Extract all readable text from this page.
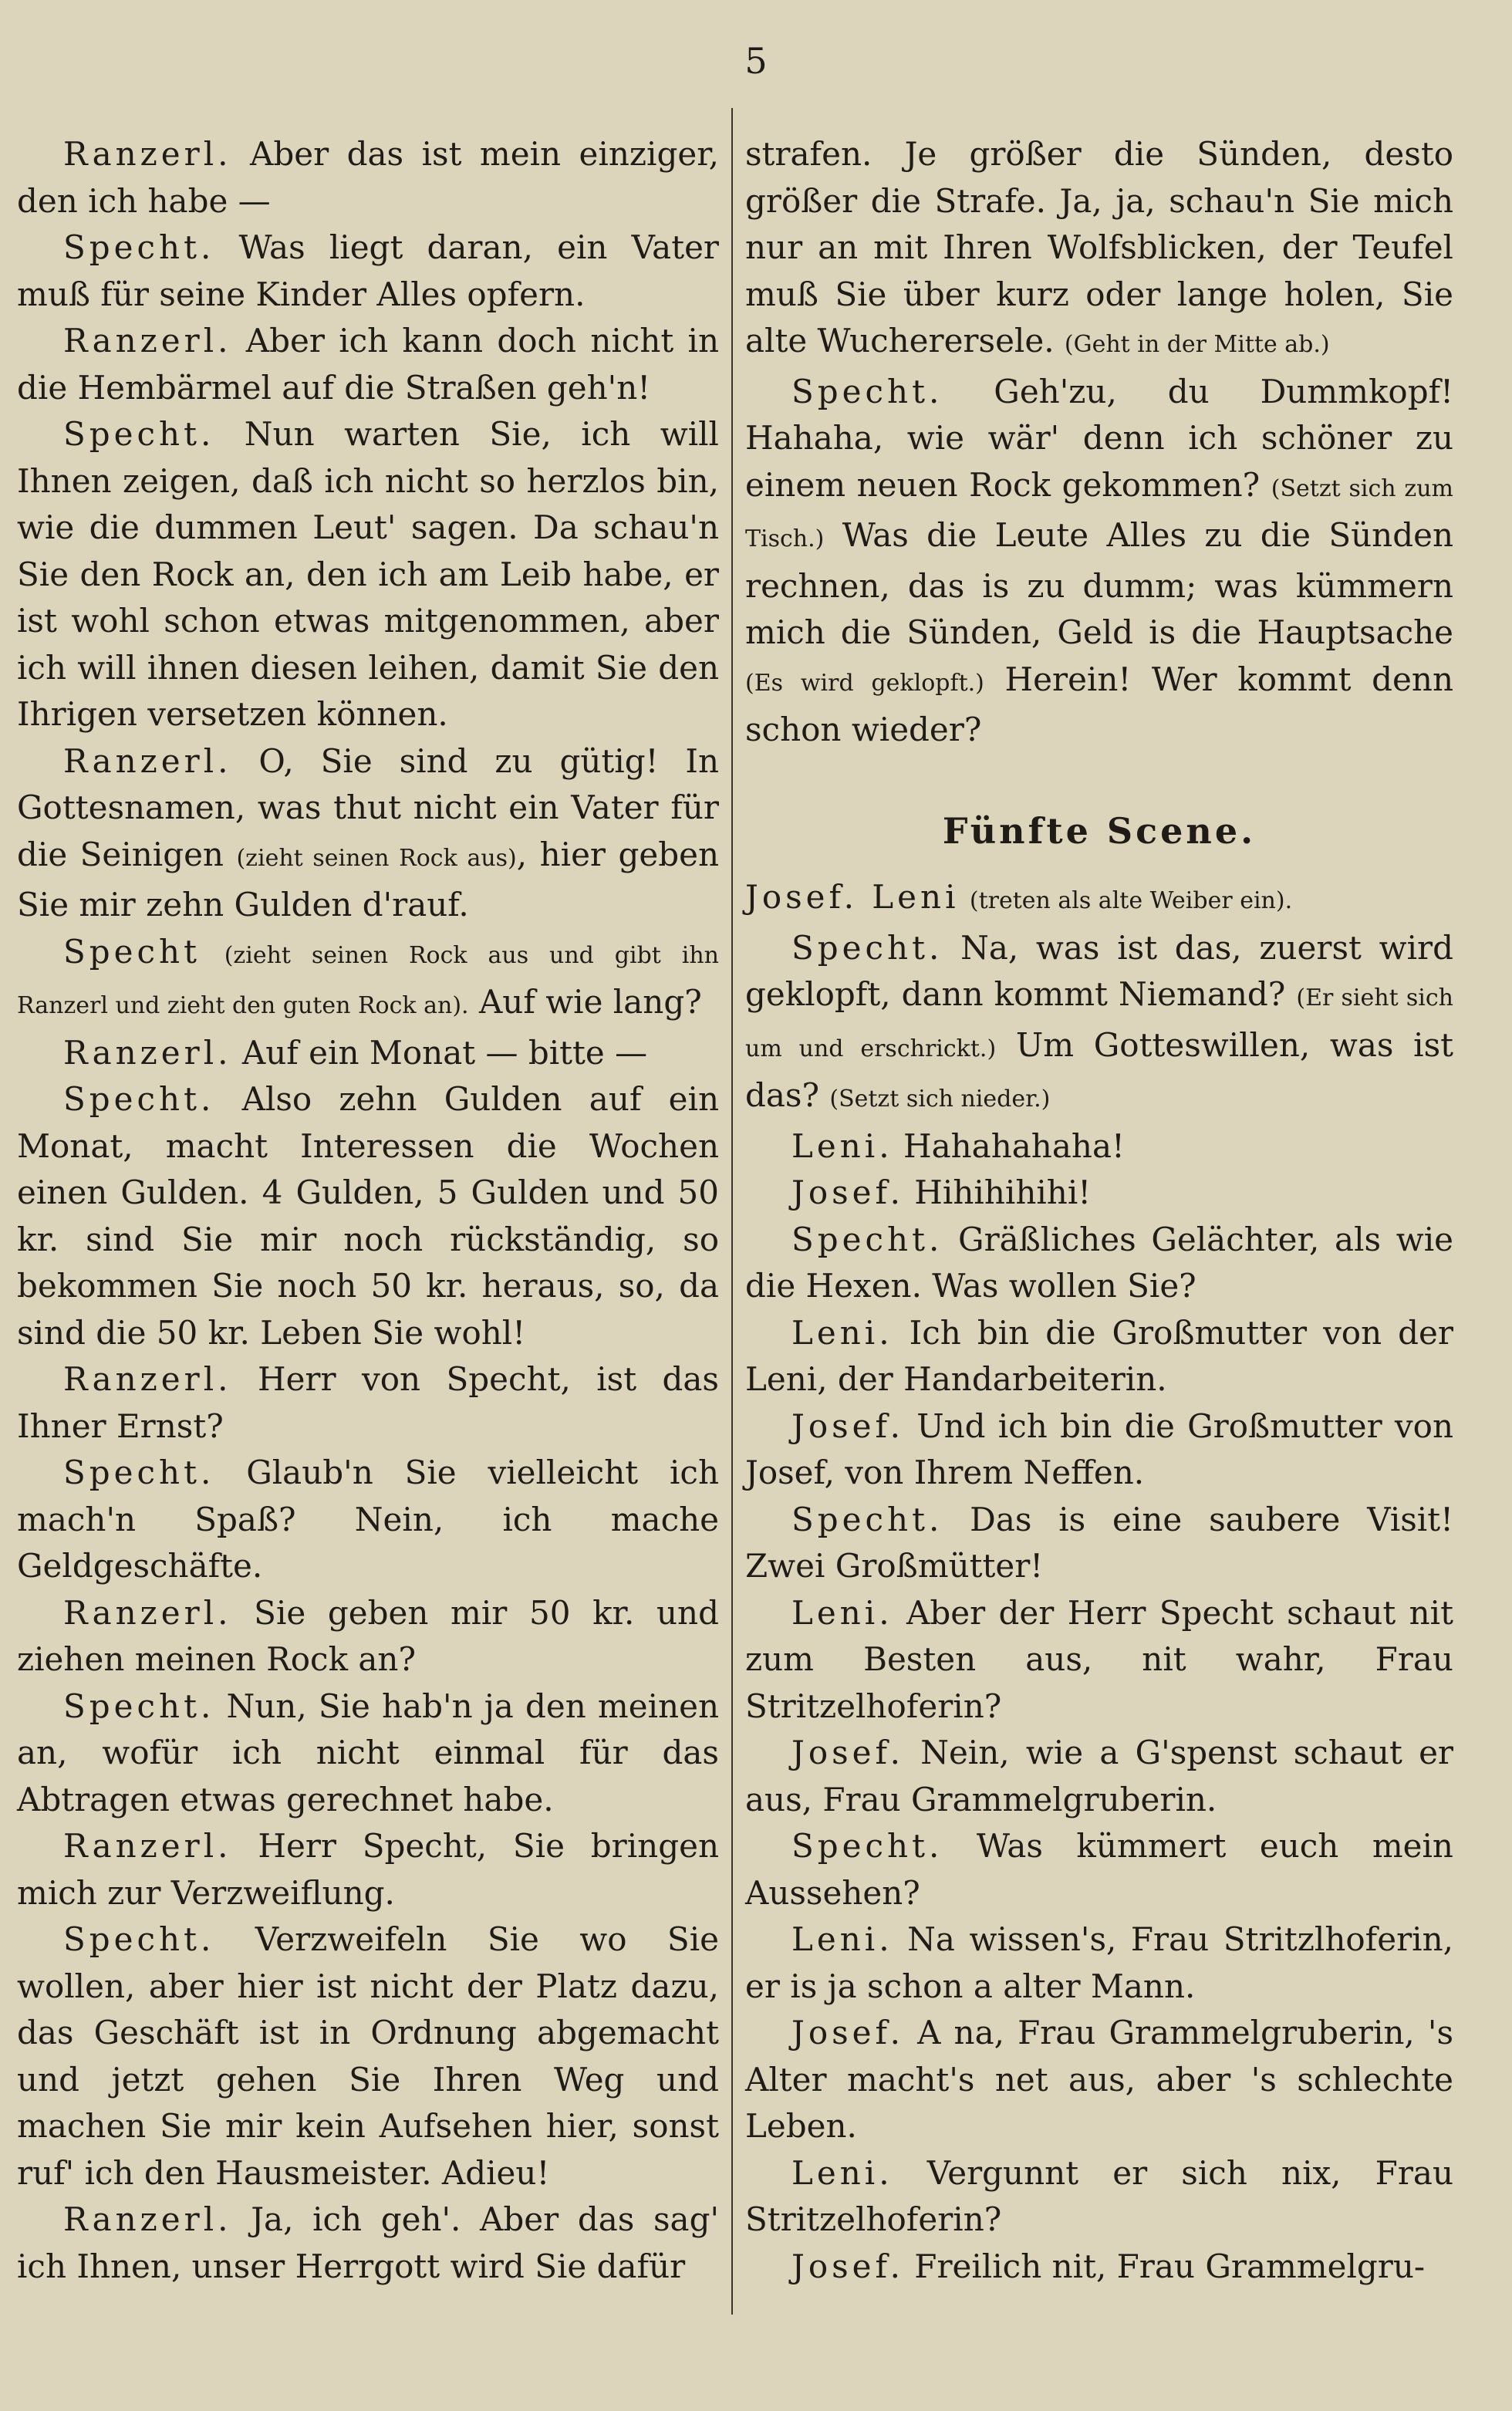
5

Ranzerl. Aber das ist mein einziger, den ich habe —

Specht. Was liegt daran, ein Vater muß für seine Kinder Alles opfern.

Ranzerl. Aber ich kann doch nicht in die Hembärmel auf die Straßen geh'n!

Specht. Nun warten Sie, ich will Ihnen zeigen, daß ich nicht so herzlos bin, wie die dummen Leut' sagen. Da schau'n Sie den Rock an, den ich am Leib habe, er ist wohl schon etwas mitgenommen, aber ich will ihnen diesen leihen, damit Sie den Ihrigen versetzen können.

Ranzerl. O, Sie sind zu gütig! In Gottesnamen, was thut nicht ein Vater für die Seinigen (zieht seinen Rock aus), hier geben Sie mir zehn Gulden d'rauf.

Specht (zieht seinen Rock aus und gibt ihn Ranzerl und zieht den guten Rock an). Auf wie lang?

Ranzerl. Auf ein Monat — bitte —

Specht. Also zehn Gulden auf ein Monat, macht Interessen die Wochen einen Gulden. 4 Gulden, 5 Gulden und 50 kr. sind Sie mir noch rückständig, so bekommen Sie noch 50 kr. heraus, so, da sind die 50 kr. Leben Sie wohl!

Ranzerl. Herr von Specht, ist das Ihner Ernst?

Specht. Glaub'n Sie vielleicht ich mach'n Spaß? Nein, ich mache Geldgeschäfte.

Ranzerl. Sie geben mir 50 kr. und ziehen meinen Rock an?

Specht. Nun, Sie hab'n ja den meinen an, wofür ich nicht einmal für das Abtragen etwas gerechnet habe.

Ranzerl. Herr Specht, Sie bringen mich zur Verzweiflung.

Specht. Verzweifeln Sie wo Sie wollen, aber hier ist nicht der Platz dazu, das Geschäft ist in Ordnung abgemacht und jetzt gehen Sie Ihren Weg und machen Sie mir kein Aufsehen hier, sonst ruf' ich den Hausmeister. Adieu!

Ranzerl. Ja, ich geh'. Aber das sag' ich Ihnen, unser Herrgott wird Sie dafür

strafen. Je größer die Sünden, desto größer die Strafe. Ja, ja, schau'n Sie mich nur an mit Ihren Wolfsblicken, der Teufel muß Sie über kurz oder lange holen, Sie alte Wucherersele. (Geht in der Mitte ab.)

Specht. Geh'zu, du Dummkopf! Hahaha, wie wär' denn ich schöner zu einem neuen Rock gekommen? (Setzt sich zum Tisch.) Was die Leute Alles zu die Sünden rechnen, das is zu dumm; was kümmern mich die Sünden, Geld is die Hauptsache (Es wird geklopft.) Herein! Wer kommt denn schon wieder?

Fünfte Scene.

Josef. Leni (treten als alte Weiber ein).

Specht. Na, was ist das, zuerst wird geklopft, dann kommt Niemand? (Er sieht sich um und erschrickt.) Um Gotteswillen, was ist das? (Setzt sich nieder.)

Leni. Hahahahaha!

Josef. Hihihihihi!

Specht. Gräßliches Gelächter, als wie die Hexen. Was wollen Sie?

Leni. Ich bin die Großmutter von der Leni, der Handarbeiterin.

Josef. Und ich bin die Großmutter von Josef, von Ihrem Neffen.

Specht. Das is eine saubere Visit! Zwei Großmütter!

Leni. Aber der Herr Specht schaut nit zum Besten aus, nit wahr, Frau Stritzelhoferin?

Josef. Nein, wie a G'spenst schaut er aus, Frau Grammelgruberin.

Specht. Was kümmert euch mein Aussehen?

Leni. Na wissen's, Frau Stritzlhoferin, er is ja schon a alter Mann.

Josef. A na, Frau Grammelgruberin, 's Alter macht's net aus, aber 's schlechte Leben.

Leni. Vergunnt er sich nix, Frau Stritzelhoferin?

Josef. Freilich nit, Frau Grammelgru-
